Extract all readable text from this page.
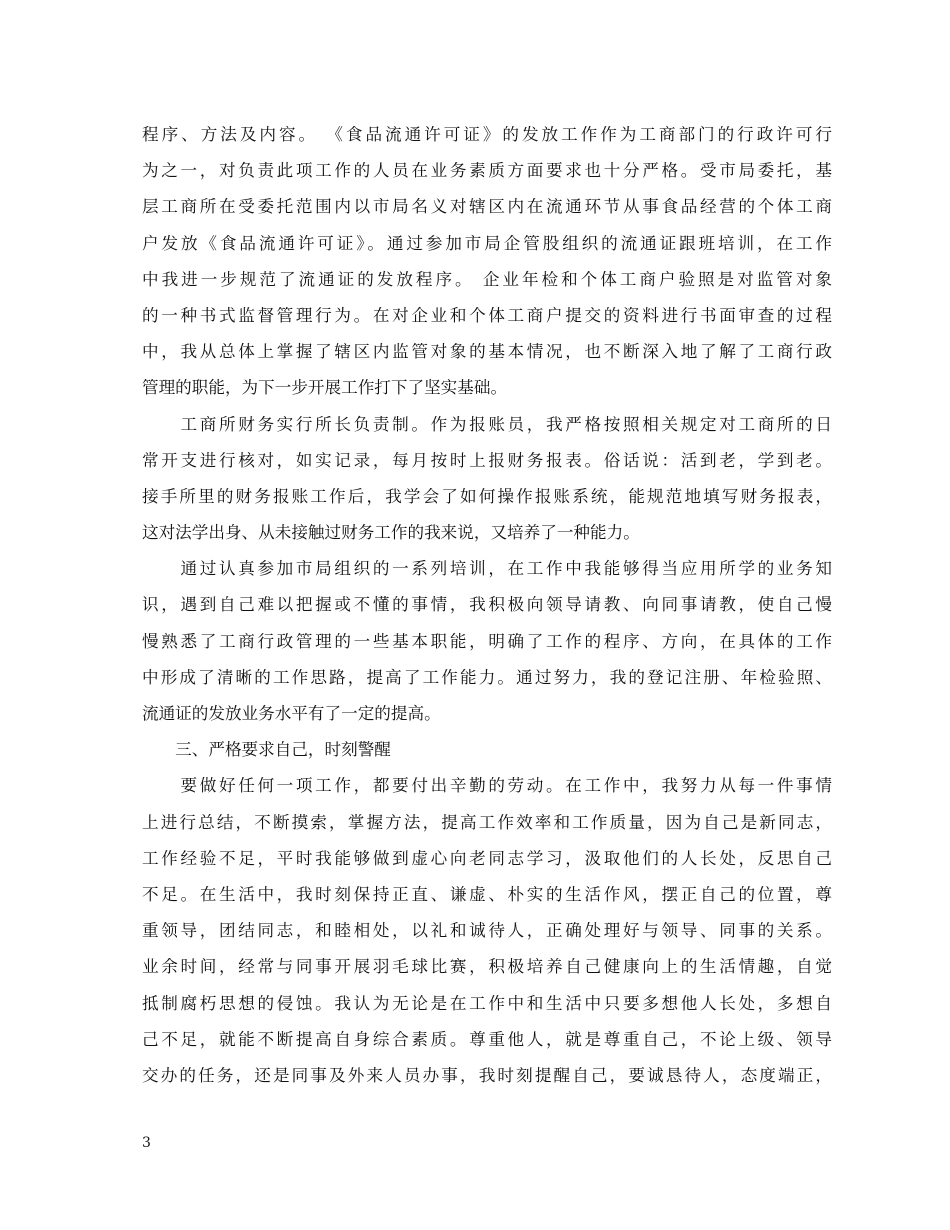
程序、方法及内容。 《食品流通许可证》的发放工作作为工商部门的行政许可行
为之一，对负责此项工作的人员在业务素质方面要求也十分严格。受市局委托，基
层工商所在受委托范围内以市局名义对辖区内在流通环节从事食品经营的个体工商
户发放《食品流通许可证》。通过参加市局企管股组织的流通证跟班培训，在工作
中我进一步规范了流通证的发放程序。 企业年检和个体工商户验照是对监管对象
的一种书式监督管理行为。在对企业和个体工商户提交的资料进行书面审查的过程
中，我从总体上掌握了辖区内监管对象的基本情况，也不断深入地了解了工商行政
管理的职能，为下一步开展工作打下了坚实基础。
　　工商所财务实行所长负责制。作为报账员，我严格按照相关规定对工商所的日
常开支进行核对，如实记录，每月按时上报财务报表。俗话说：活到老，学到老。
接手所里的财务报账工作后，我学会了如何操作报账系统，能规范地填写财务报表，
这对法学出身、从未接触过财务工作的我来说，又培养了一种能力。
　　通过认真参加市局组织的一系列培训，在工作中我能够得当应用所学的业务知
识，遇到自己难以把握或不懂的事情，我积极向领导请教、向同事请教，使自己慢
慢熟悉了工商行政管理的一些基本职能，明确了工作的程序、方向，在具体的工作
中形成了清晰的工作思路，提高了工作能力。通过努力，我的登记注册、年检验照、
流通证的发放业务水平有了一定的提高。
　　三、严格要求自己，时刻警醒
　　要做好任何一项工作，都要付出辛勤的劳动。在工作中，我努力从每一件事情
上进行总结，不断摸索，掌握方法，提高工作效率和工作质量，因为自己是新同志，
工作经验不足，平时我能够做到虚心向老同志学习，汲取他们的人长处，反思自己
不足。在生活中，我时刻保持正直、谦虚、朴实的生活作风，摆正自己的位置，尊
重领导，团结同志，和睦相处，以礼和诚待人，正确处理好与领导、同事的关系。
业余时间，经常与同事开展羽毛球比赛，积极培养自己健康向上的生活情趣，自觉
抵制腐朽思想的侵蚀。我认为无论是在工作中和生活中只要多想他人长处，多想自
己不足，就能不断提高自身综合素质。尊重他人，就是尊重自己，不论上级、领导
交办的任务，还是同事及外来人员办事，我时刻提醒自己，要诚恳待人，态度端正，
3
